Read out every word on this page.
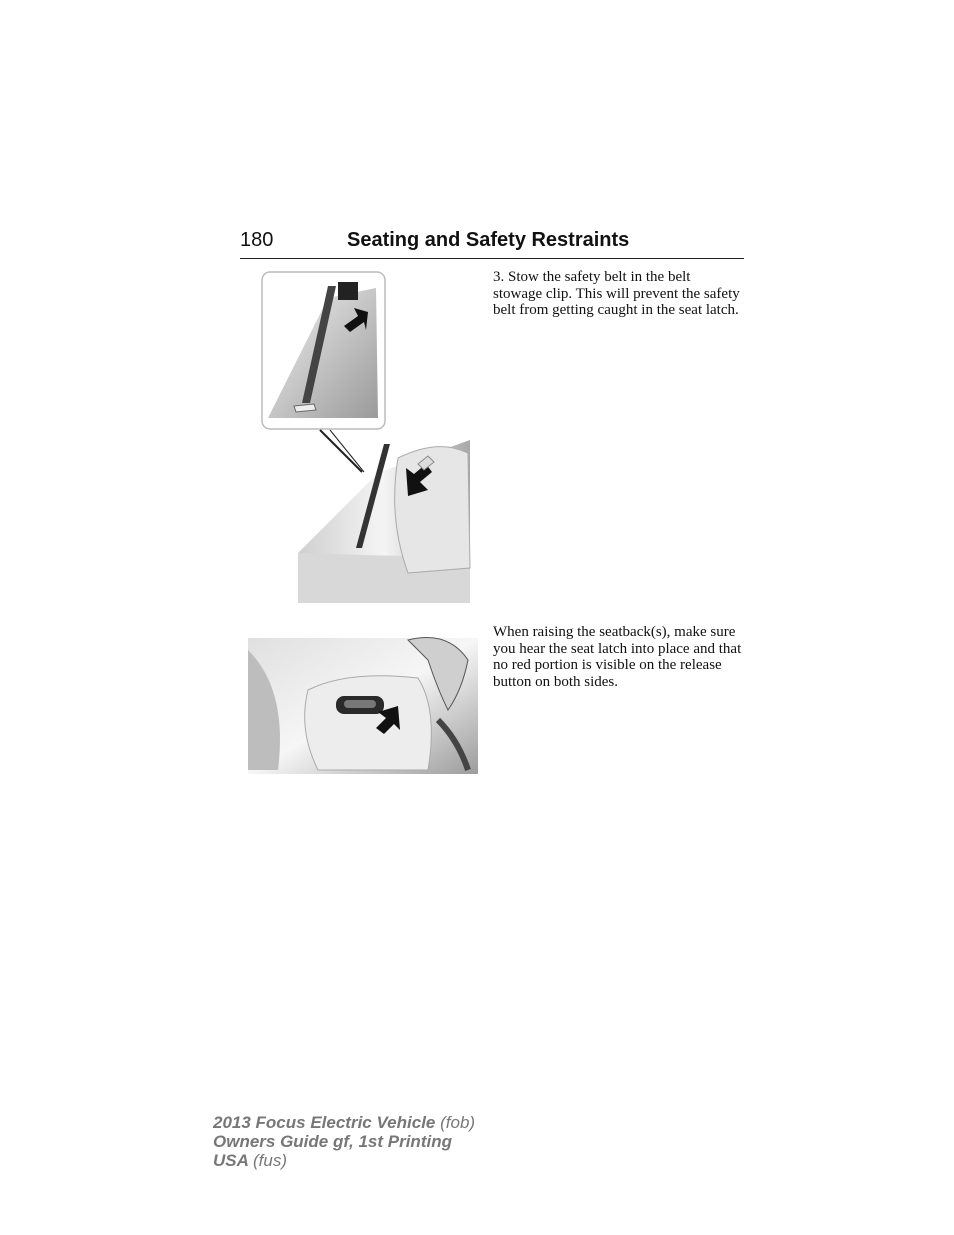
180	Seating and Safety Restraints

3. Stow the safety belt in the belt stowage clip. This will prevent the safety belt from getting caught in the seat latch.

When raising the seatback(s), make sure you hear the seat latch into place and that no red portion is visible on the release button on both sides.

2013 Focus Electric Vehicle (fob)
Owners Guide gf, 1st Printing
USA (fus)
